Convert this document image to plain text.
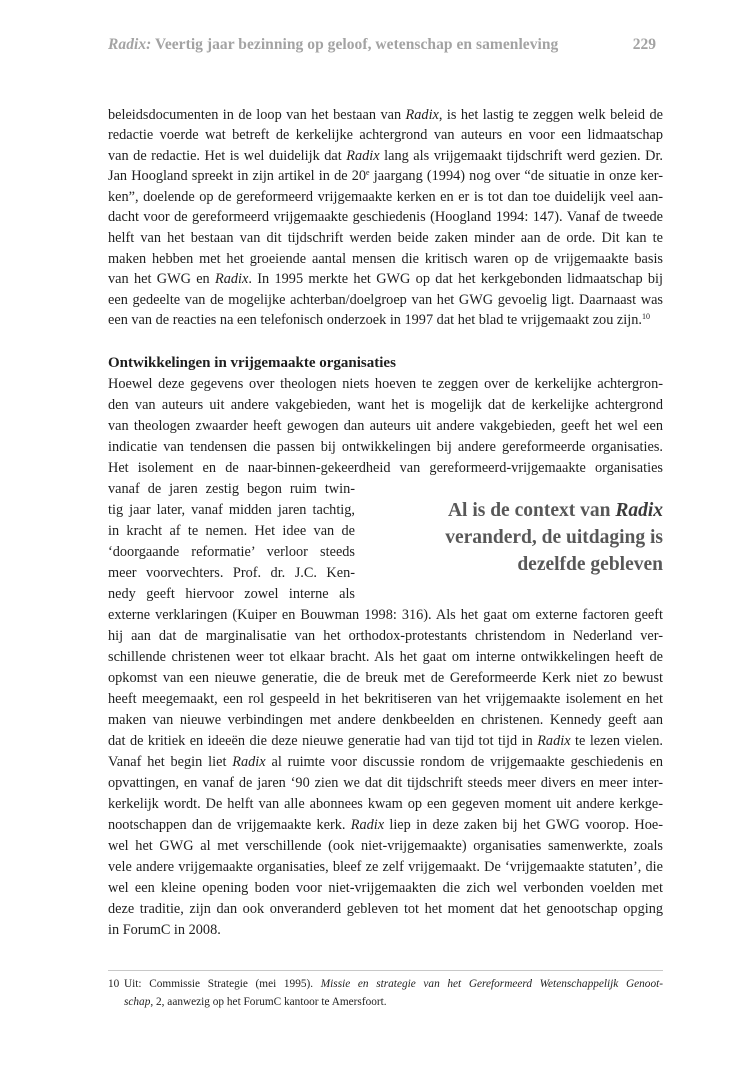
Radix: Veertig jaar bezinning op geloof, wetenschap en samenleving	229
beleidsdocumenten in de loop van het bestaan van Radix, is het lastig te zeggen welk beleid de
redactie voerde wat betreft de kerkelijke achtergrond van auteurs en voor een lidmaatschap
van de redactie. Het is wel duidelijk dat Radix lang als vrijgemaakt tijdschrift werd gezien. Dr.
Jan Hoogland spreekt in zijn artikel in de 20e jaargang (1994) nog over “de situatie in onze ker-
ken”, doelende op de gereformeerd vrijgemaakte kerken en er is tot dan toe duidelijk veel aan-
dacht voor de gereformeerd vrijgemaakte geschiedenis (Hoogland 1994: 147). Vanaf de tweede
helft van het bestaan van dit tijdschrift werden beide zaken minder aan de orde. Dit kan te
maken hebben met het groeiende aantal mensen die kritisch waren op de vrijgemaakte basis
van het GWG en Radix. In 1995 merkte het GWG op dat het kerkgebonden lidmaatschap bij
een gedeelte van de mogelijke achterban/doelgroep van het GWG gevoelig ligt. Daarnaast was
een van de reacties na een telefonisch onderzoek in 1997 dat het blad te vrijgemaakt zou zijn.$^{10}$
Ontwikkelingen in vrijgemaakte organisaties
Hoewel deze gegevens over theologen niets hoeven te zeggen over de kerkelijke achtergron-
den van auteurs uit andere vakgebieden, want het is mogelijk dat de kerkelijke achtergrond
van theologen zwaarder heeft gewogen dan auteurs uit andere vakgebieden, geeft het wel een
indicatie van tendensen die passen bij ontwikkelingen bij andere gereformeerde organisaties.
Het isolement en de naar-binnen-gekeerdheid van gereformeerd-vrijgemaakte organisaties
vanaf de jaren zestig begon ruim twin-
tig jaar later, vanaf midden jaren tachtig,
in kracht af te nemen. Het idee van de
‘doorgaande reformatie’ verloor steeds
meer voorvechters. Prof. dr. J.C. Ken-
nedy geeft hiervoor zowel interne als
externe verklaringen (Kuiper en Bouwman 1998: 316). Als het gaat om externe factoren geeft
hij aan dat de marginalisatie van het orthodox-protestants christendom in Nederland ver-
schillende christenen weer tot elkaar bracht. Als het gaat om interne ontwikkelingen heeft de
opkomst van een nieuwe generatie, die de breuk met de Gereformeerde Kerk niet zo bewust
heeft meegemaakt, een rol gespeeld in het bekritiseren van het vrijgemaakte isolement en het
maken van nieuwe verbindingen met andere denkbeelden en christenen. Kennedy geeft aan
dat de kritiek en ideeën die deze nieuwe generatie had van tijd tot tijd in Radix te lezen vielen.
Vanaf het begin liet Radix al ruimte voor discussie rondom de vrijgemaakte geschiedenis en
opvattingen, en vanaf de jaren ‘90 zien we dat dit tijdschrift steeds meer divers en meer inter-
kerkelijk wordt. De helft van alle abonnees kwam op een gegeven moment uit andere kerkge-
nootschappen dan de vrijgemaakte kerk. Radix liep in deze zaken bij het GWG voorop. Hoe-
wel het GWG al met verschillende (ook niet-vrijgemaakte) organisaties samenwerkte, zoals
vele andere vrijgemaakte organisaties, bleef ze zelf vrijgemaakt. De ‘vrijgemaakte statuten’, die
wel een kleine opening boden voor niet-vrijgemaakten die zich wel verbonden voelden met
deze traditie, zijn dan ook onveranderd gebleven tot het moment dat het genootschap opging
in ForumC in 2008.
Al is de context van Radix
veranderd, de uitdaging is
dezelfde gebleven
10 Uit: Commissie Strategie (mei 1995). Missie en strategie van het Gereformeerd Wetenschappelijk Genoot-
schap, 2, aanwezig op het ForumC kantoor te Amersfoort.
